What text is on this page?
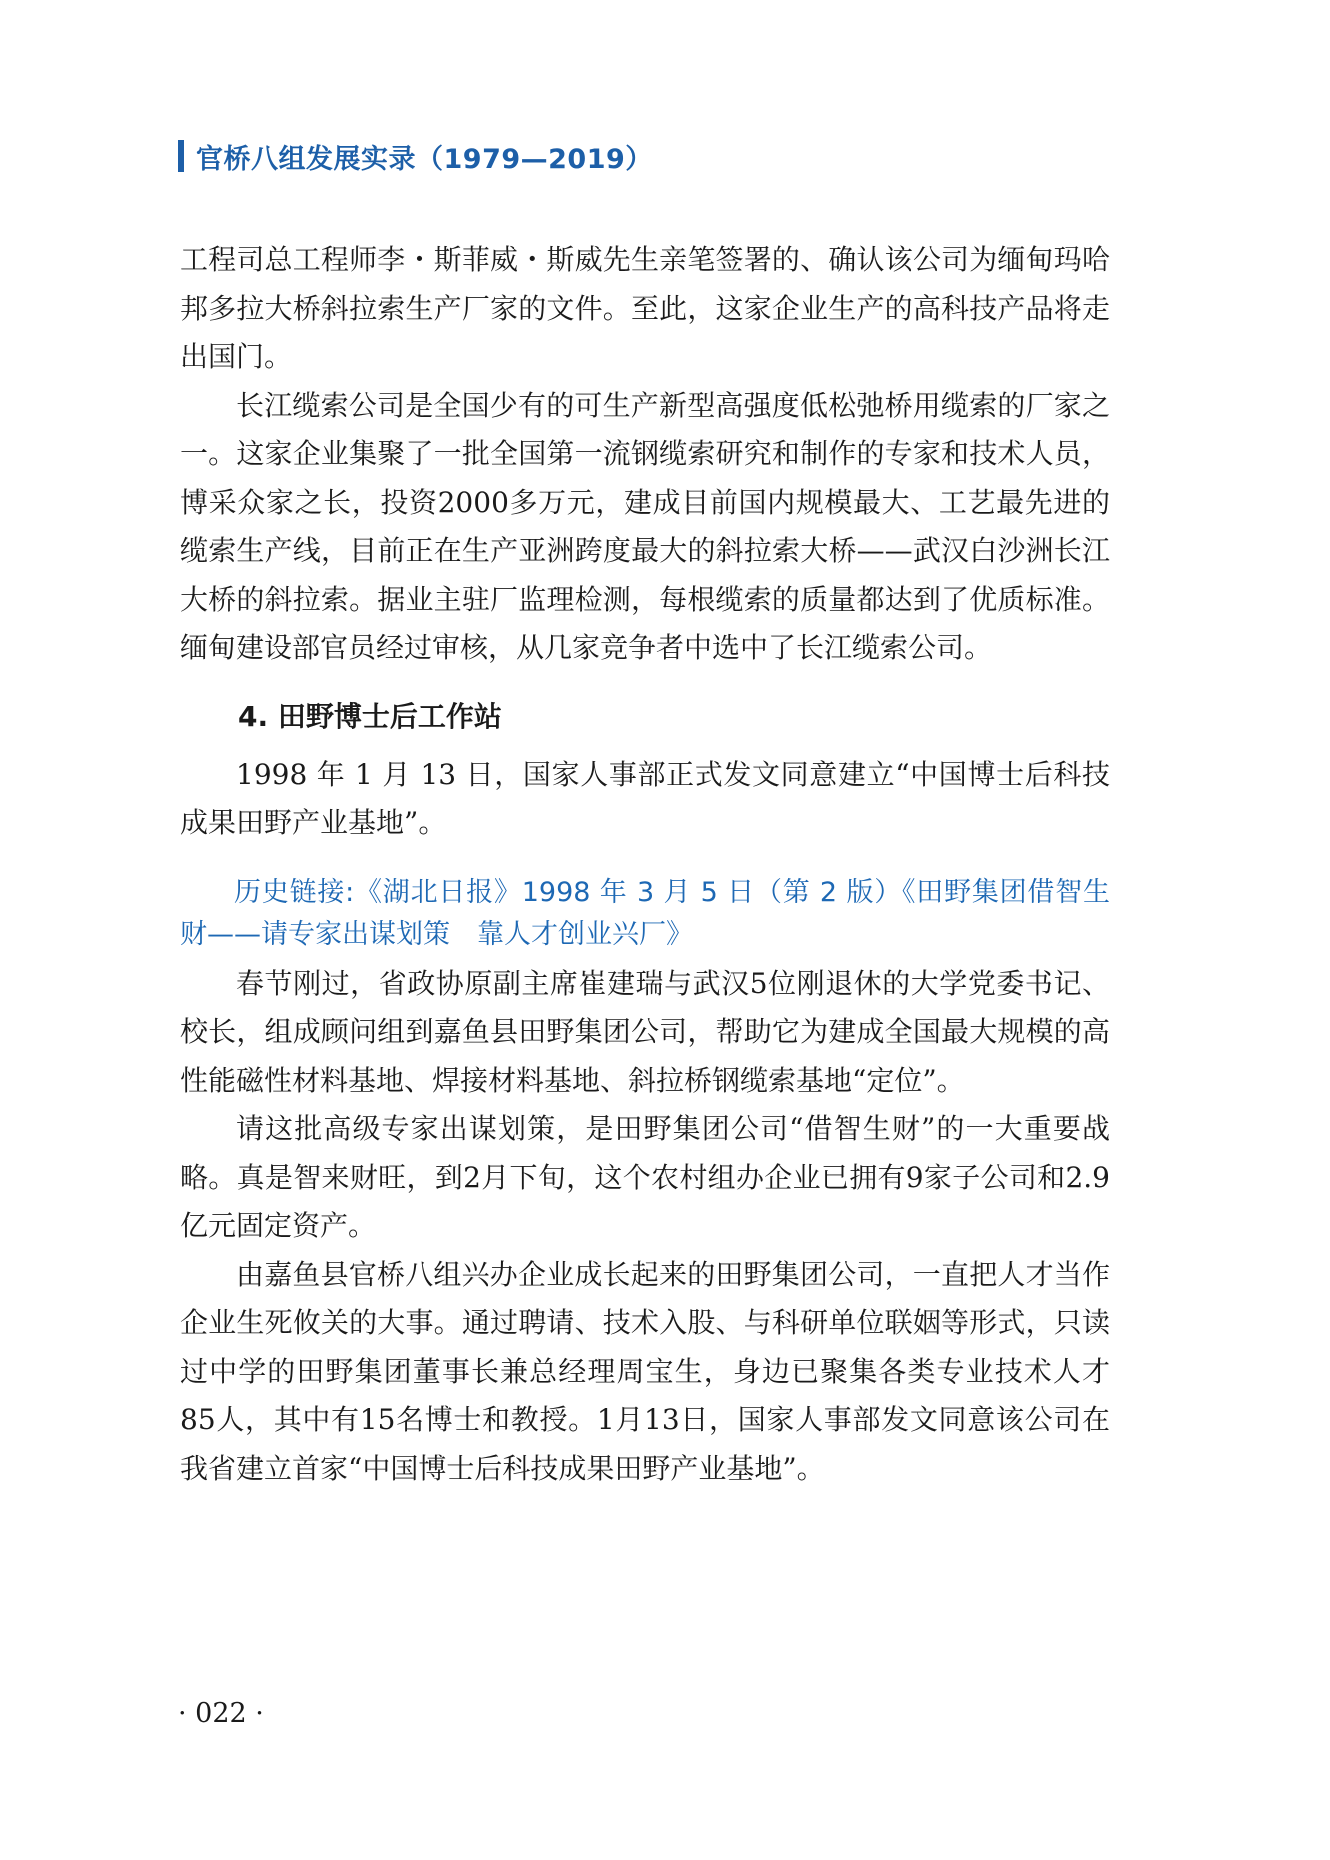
官桥八组发展实录（1979—2019）

工程司总工程师李・斯菲威・斯威先生亲笔签署的、确认该公司为缅甸玛哈邦多拉大桥斜拉索生产厂家的文件。至此，这家企业生产的高科技产品将走出国门。

长江缆索公司是全国少有的可生产新型高强度低松弛桥用缆索的厂家之一。这家企业集聚了一批全国第一流钢缆索研究和制作的专家和技术人员，博采众家之长，投资2000多万元，建成目前国内规模最大、工艺最先进的缆索生产线，目前正在生产亚洲跨度最大的斜拉索大桥——武汉白沙洲长江大桥的斜拉索。据业主驻厂监理检测，每根缆索的质量都达到了优质标准。缅甸建设部官员经过审核，从几家竞争者中选中了长江缆索公司。

4. 田野博士后工作站

1998 年 1 月 13 日，国家人事部正式发文同意建立“中国博士后科技成果田野产业基地”。

历史链接:《湖北日报》1998 年 3 月 5 日（第 2 版）《田野集团借智生财——请专家出谋划策　靠人才创业兴厂》

春节刚过，省政协原副主席崔建瑞与武汉5位刚退休的大学党委书记、校长，组成顾问组到嘉鱼县田野集团公司，帮助它为建成全国最大规模的高性能磁性材料基地、焊接材料基地、斜拉桥钢缆索基地“定位”。

请这批高级专家出谋划策，是田野集团公司“借智生财”的一大重要战略。真是智来财旺，到2月下旬，这个农村组办企业已拥有9家子公司和2.9亿元固定资产。

由嘉鱼县官桥八组兴办企业成长起来的田野集团公司，一直把人才当作企业生死攸关的大事。通过聘请、技术入股、与科研单位联姻等形式，只读过中学的田野集团董事长兼总经理周宝生，身边已聚集各类专业技术人才85人，其中有15名博士和教授。1月13日，国家人事部发文同意该公司在我省建立首家“中国博士后科技成果田野产业基地”。

· 022 ·
